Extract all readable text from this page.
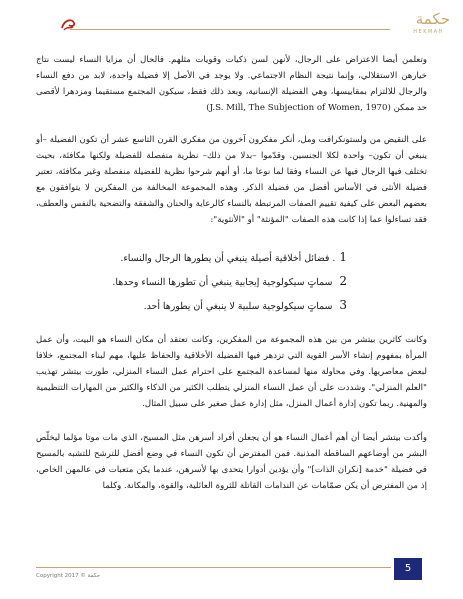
حكمة
HEKMAH

وتعلمن أيضا الاعتراض على الرجال، لأنهن لسن ذكيات وقويات مثلهم. فالحال أن مزايا النساء ليست نتاج خيارهن الاستقلالي، وإنما نتيجة النظام الاجتماعي. ولا يوجد في الأصل إلا فضيلة واحدة، لابد من دفع النساء والرجال للالتزام بمقاييسها، وهي الفضيلة الإنسانية، وبعد ذلك فقط، سيكون المجتمع مستقيما ومزدهرا لأقصى حد ممكن (J.S. Mill, The Subjection of Women, 1970)

على النقيض من ولستونكرافت ومل، أنكر مفكرون آخرون من مفكري القرن التاسع عشر أن تكون الفضيلة –أو ينبغي أن تكون– واحدة لكلا الجنسين. وقدّموا –بدلا من ذلك– نظرية منفصلة للفضيلة ولكنها مكافئة، بحيث تختلف فيها الرجال فيها عن النساء وفقا لما نوعا ما، أو أنهم شرحوا نظرية للفضيلة منفصلة وغير مكافئة، تعتبر فضيلة الأنثى في الأساس أفضل من فضيلة الذكر. وهذه المجموعة المخالفة من المفكرين لا يتوافقون مع بعضهم البعض على كيفية تقييم الصفات المرتبطة بالنساء كالرعاية والحنان والشفقة والتضحية بالنفس والعطف، فقد تساءلوا عما إذا كانت هذه الصفات "المؤنثة" أو "الأنثوية":

1. فضائل أخلاقية أصيلة ينبغي أن يطورها الرجال والنساء.
2 سماتٍ سيكولوجية إيجابية ينبغي أن تطورها النساء وحدها.
3 سماتٍ سيكولوجية سلبية لا ينبغي أن يطورها أحد.

وكانت كاثرين بيتشر من بين هذه المجموعة من المفكرين، وكانت تعتقد أن مكان النساء هو البيت، وأن عمل المرأة بمفهوم إنشاء الأسر القوية التي تزدهر فيها الفضيلة الأخلاقية والحفاظ عليها، مهم لبناء المجتمع، خلافا لبعض معاصريها. وفي محاولة منها لمساعدة المجتمع على احترام عمل النساء المنزلي، طورت بيتشر تهذيب "العلم المنزلي". وشددت على أن عمل النساء المنزلي يتطلب الكثير من الذكاء والكثير من المهارات التنظيمية والمهنية. ربما تكون إدارة أعمال المنزل، مثل إدارة عمل صغير على سبيل المثال.

وأكدت بيتشر أيضا أن أهم أعمال النساء هو أن يجعلن أفراد أسرهن مثل المسيح، الذي مات موتا مؤلما ليخلّص البشر من أوضاعهم الساقطة المذنبة. فمن المفترض أن تكون النساء في وضع أفضل للترشح للتشبه بالمسيح في فضيلة "خدمة [نكران الذات]" وأن يؤدين أدوارا يتحدى بها لأسرهن، عندما يكن متعبات في عالمهن الخاص، إذ من المفترض أن يكن صمّامات عن الندامات القاتلة للثروة العائلية، والقوة، والمكانة. وكلما

Copyright 2017 © حكمة
5
